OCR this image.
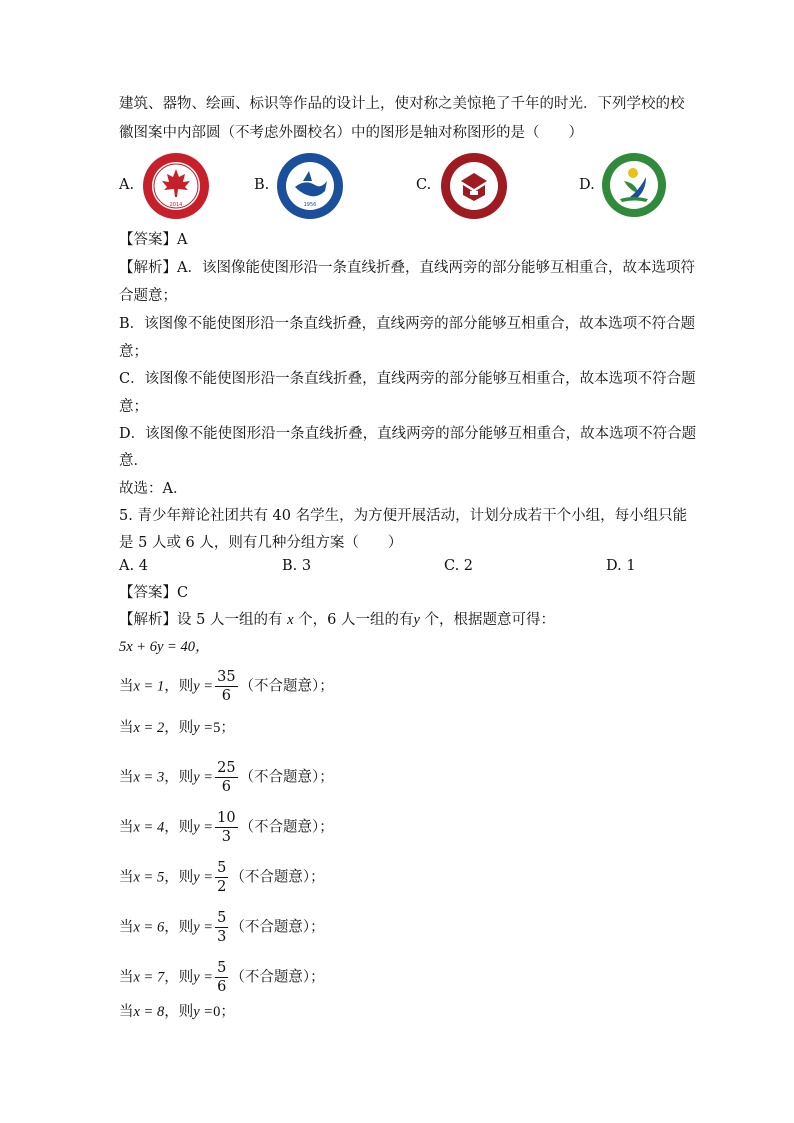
建筑、器物、绘画、标识等作品的设计上，使对称之美惊艳了千年的时光．下列学校的校
徽图案中内部圆（不考虑外圈校名）中的图形是轴对称图形的是（　　）
A.
2014
B.
1956
C.	D.
【答案】A
【解析】A．该图像能使图形沿一条直线折叠，直线两旁的部分能够互相重合，故本选项符
合题意；
B．该图像不能使图形沿一条直线折叠，直线两旁的部分能够互相重合，故本选项不符合题
意；
C．该图像不能使图形沿一条直线折叠，直线两旁的部分能够互相重合，故本选项不符合题
意；
D．该图像不能使图形沿一条直线折叠，直线两旁的部分能够互相重合，故本选项不符合题
意．
故选：A．
5. 青少年辩论社团共有 40 名学生，为方便开展活动，计划分成若干个小组，每小组只能
是 5 人或 6 人，则有几种分组方案（　　）
A. 4	B. 3	C. 2	D. 1
【答案】C
【解析】设 5 人一组的有 x 个，6 人一组的有y 个，根据题意可得：
5x + 6y = 40，
当x = 1，则$y = \frac{35}{6}$ （不合题意）；
当x = 2，则y =5；
当x = 3，则$y = \frac{25}{6}$ （不合题意）；
当x = 4，则$y = \frac{10}{3}$ （不合题意）；
当x = 5，则$y = \frac{5}{2}$ （不合题意）；
当x = 6，则$y = \frac{5}{3}$ （不合题意）；
当x = 7，则$y = \frac{5}{6}$ （不合题意）；
当x = 8，则y =0；
